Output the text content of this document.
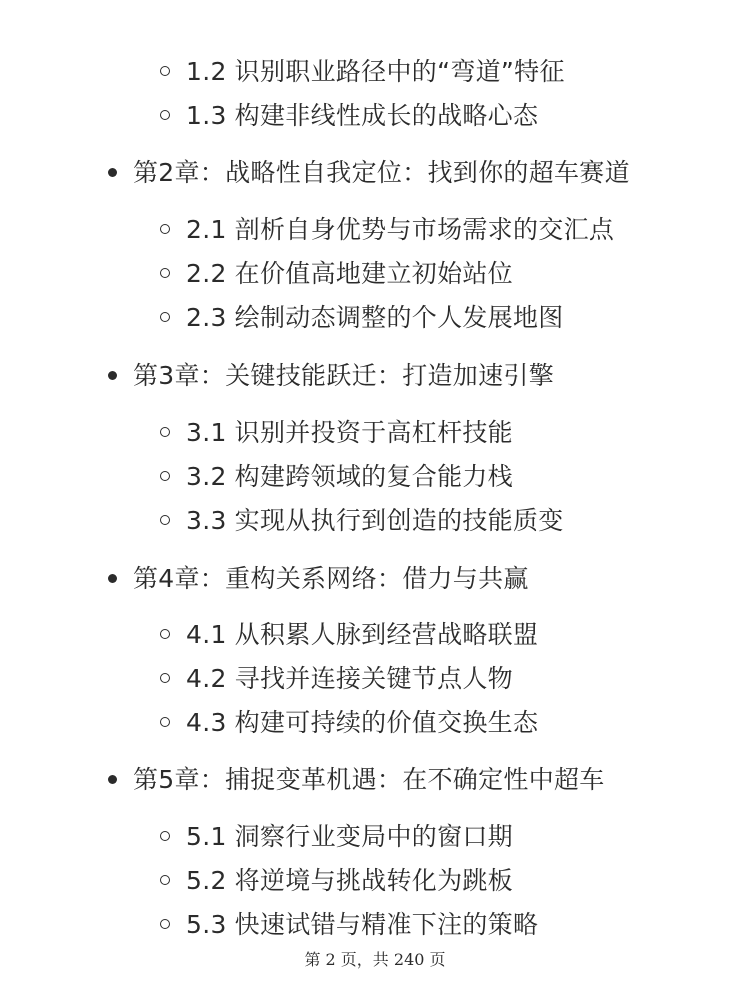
1.2 识别职业路径中的“弯道”特征
1.3 构建非线性成长的战略心态
第2章：战略性自我定位：找到你的超车赛道
2.1 剖析自身优势与市场需求的交汇点
2.2 在价值高地建立初始站位
2.3 绘制动态调整的个人发展地图
第3章：关键技能跃迁：打造加速引擎
3.1 识别并投资于高杠杆技能
3.2 构建跨领域的复合能力栈
3.3 实现从执行到创造的技能质变
第4章：重构关系网络：借力与共赢
4.1 从积累人脉到经营战略联盟
4.2 寻找并连接关键节点人物
4.3 构建可持续的价值交换生态
第5章：捕捉变革机遇：在不确定性中超车
5.1 洞察行业变局中的窗口期
5.2 将逆境与挑战转化为跳板
5.3 快速试错与精准下注的策略
第 2 页，共 240 页
